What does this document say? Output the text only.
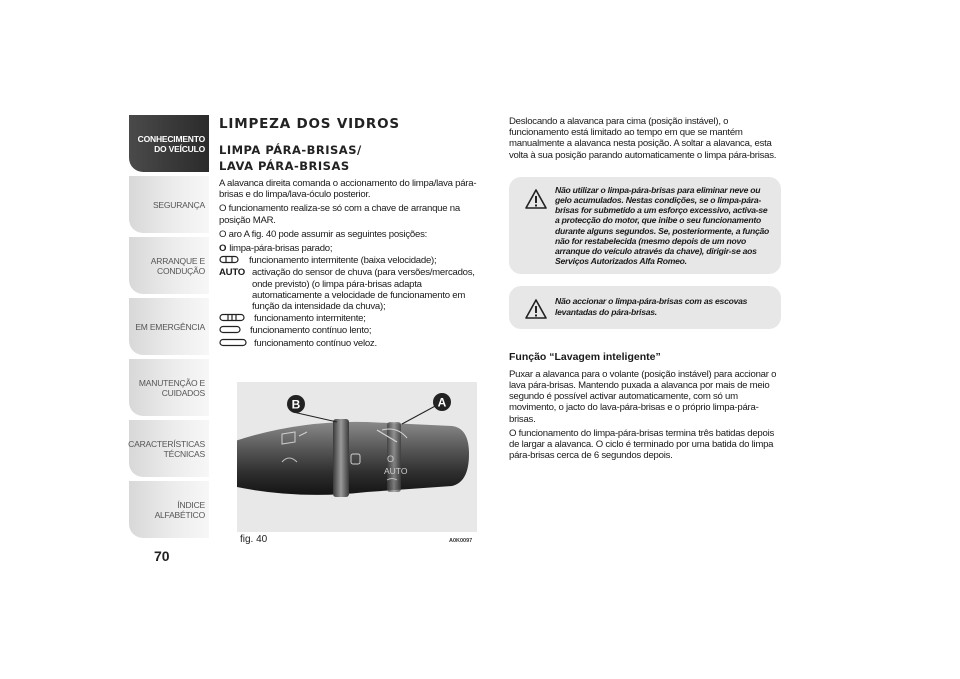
CONHECIMENTO
DO VEÍCULO
SEGURANÇA
ARRANQUE E
CONDUÇÃO
EM EMERGÊNCIA
MANUTENÇÃO E
CUIDADOS
CARACTERÍSTICAS
TÉCNICAS
ÍNDICE ALFABÉTICO
70
LIMPEZA DOS VIDROS
LIMPA PÁRA-BRISAS/
LAVA PÁRA-BRISAS

A alavanca direita comanda o accionamento do limpa/lava pára-brisas e do limpa/lava-óculo posterior.

O funcionamento realiza-se só com a chave de arranque na posição MAR.

O aro A fig. 40 pode assumir as seguintes posições:

O limpa-pára-brisas parado;
funcionamento intermitente (baixa velocidade);
AUTO activação do sensor de chuva (para versões/mercados, onde previsto) (o limpa pára-brisas adapta automaticamente a velocidade de funcionamento em função da intensidade da chuva);
funcionamento intermitente;
funcionamento contínuo lento;
funcionamento contínuo veloz.
O
AUTO
B	A
fig. 40	A0K0097

Deslocando a alavanca para cima (posição instável), o funcionamento está limitado ao tempo em que se mantém manualmente a alavanca nesta posição. A soltar a alavanca, esta volta à sua posição parando automaticamente o limpa pára-brisas.

Não utilizar o limpa-pára-brisas para eliminar neve ou gelo acumulados. Nestas condições, se o limpa-pára-brisas for submetido a um esforço excessivo, activa-se a protecção do motor, que inibe o seu funcionamento durante alguns segundos. Se, posteriormente, a função não for restabelecida (mesmo depois de um novo arranque do veículo através da chave), dirigir-se aos Serviços Autorizados Alfa Romeo.

Não accionar o limpa-pára-brisas com as escovas levantadas do pára-brisas.

Função “Lavagem inteligente”

Puxar a alavanca para o volante (posição instável) para accionar o lava pára-brisas. Mantendo puxada a alavanca por mais de meio segundo é possível activar automaticamente, com só um movimento, o jacto do lava-pára-brisas e o próprio limpa-pára-brisas.

O funcionamento do limpa-pára-brisas termina três batidas depois de largar a alavanca. O ciclo é terminado por uma batida do limpa pára-brisas cerca de 6 segundos depois.
